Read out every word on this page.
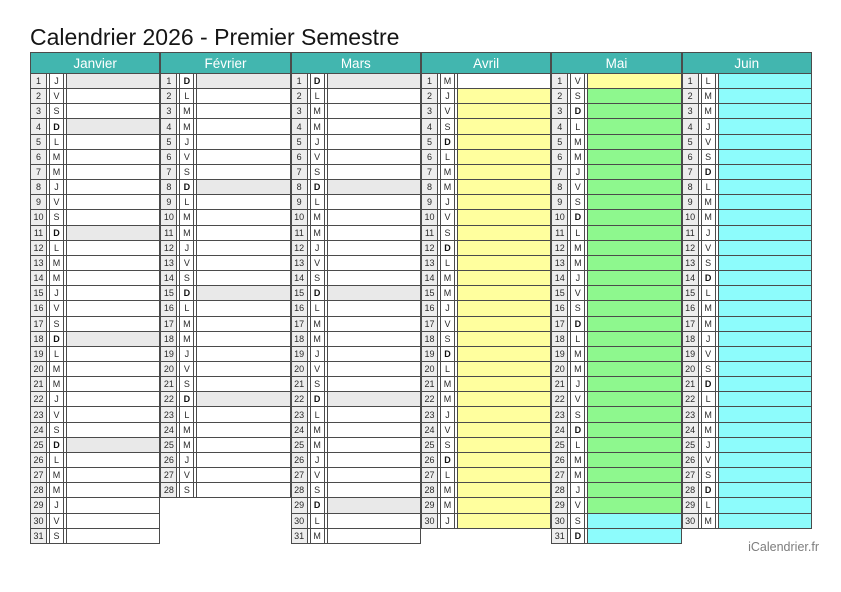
Calendrier 2026 - Premier Semestre
Janvier
1	J
2	V
3	S
4	D
5	L
6	M
7	M
8	J
9	V
10	S
11	D
12	L
13	M
14	M
15	J
16	V
17	S
18	D
19	L
20	M
21	M
22	J
23	V
24	S
25	D
26	L
27	M
28	M
29	J
30	V
31	S
Février
1	D
2	L
3	M
4	M
5	J
6	V
7	S
8	D
9	L
10	M
11	M
12	J
13	V
14	S
15	D
16	L
17	M
18	M
19	J
20	V
21	S
22	D
23	L
24	M
25	M
26	J
27	V
28	S
Mars
1	D
2	L
3	M
4	M
5	J
6	V
7	S
8	D
9	L
10	M
11	M
12	J
13	V
14	S
15	D
16	L
17	M
18	M
19	J
20	V
21	S
22	D
23	L
24	M
25	M
26	J
27	V
28	S
29	D
30	L
31	M
Avril
1	M
2	J
3	V
4	S
5	D
6	L
7	M
8	M
9	J
10	V
11	S
12	D
13	L
14	M
15	M
16	J
17	V
18	S
19	D
20	L
21	M
22	M
23	J
24	V
25	S
26	D
27	L
28	M
29	M
30	J
Mai
1	V
2	S
3	D
4	L
5	M
6	M
7	J
8	V
9	S
10	D
11	L
12	M
13	M
14	J
15	V
16	S
17	D
18	L
19	M
20	M
21	J
22	V
23	S
24	D
25	L
26	M
27	M
28	J
29	V
30	S
31	D
Juin
1	L
2	M
3	M
4	J
5	V
6	S
7	D
8	L
9	M
10	M
11	J
12	V
13	S
14	D
15	L
16	M
17	M
18	J
19	V
20	S
21	D
22	L
23	M
24	M
25	J
26	V
27	S
28	D
29	L
30	M
iCalendrier.fr
